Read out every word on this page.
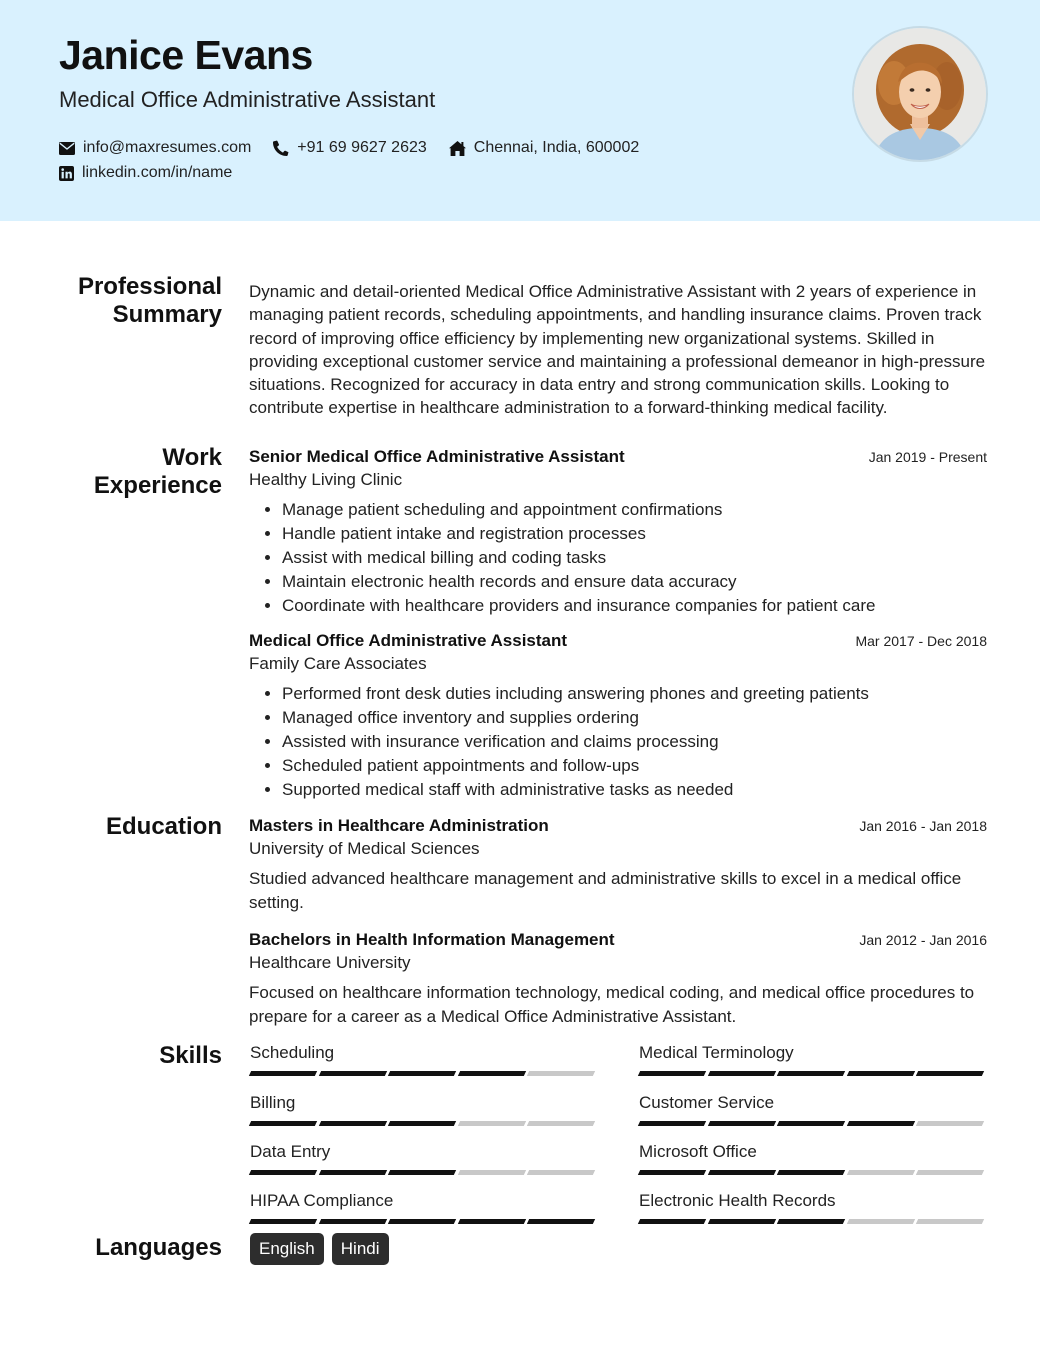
Janice Evans
Medical Office Administrative Assistant
info@maxresumes.com	+91 69 9627 2623	Chennai, India, 600002
linkedin.com/in/name
Professional
Summary
Work
Experience
Education
Skills
Languages

Dynamic and detail-oriented Medical Office Administrative Assistant with 2 years of experience in managing patient records, scheduling appointments, and handling insurance claims. Proven track record of improving office efficiency by implementing new organizational systems. Skilled in providing exceptional customer service and maintaining a professional demeanor in high-pressure situations. Recognized for accuracy in data entry and strong communication skills. Looking to contribute expertise in healthcare administration to a forward-thinking medical facility.

Senior Medical Office Administrative Assistant	Jan 2019 - Present
Healthy Living Clinic
• Manage patient scheduling and appointment confirmations
• Handle patient intake and registration processes
• Assist with medical billing and coding tasks
• Maintain electronic health records and ensure data accuracy
• Coordinate with healthcare providers and insurance companies for patient care
Medical Office Administrative Assistant	Mar 2017 - Dec 2018
Family Care Associates
• Performed front desk duties including answering phones and greeting patients
• Managed office inventory and supplies ordering
• Assisted with insurance verification and claims processing
• Scheduled patient appointments and follow-ups
• Supported medical staff with administrative tasks as needed
Masters in Healthcare Administration	Jan 2016 - Jan 2018
University of Medical Sciences
Studied advanced healthcare management and administrative skills to excel in a medical office setting.
Bachelors in Health Information Management	Jan 2012 - Jan 2016
Healthcare University
Focused on healthcare information technology, medical coding, and medical office procedures to prepare for a career as a Medical Office Administrative Assistant.
Scheduling	Medical Terminology
Billing	Customer Service
Data Entry	Microsoft Office
HIPAA Compliance	Electronic Health Records
English	Hindi
